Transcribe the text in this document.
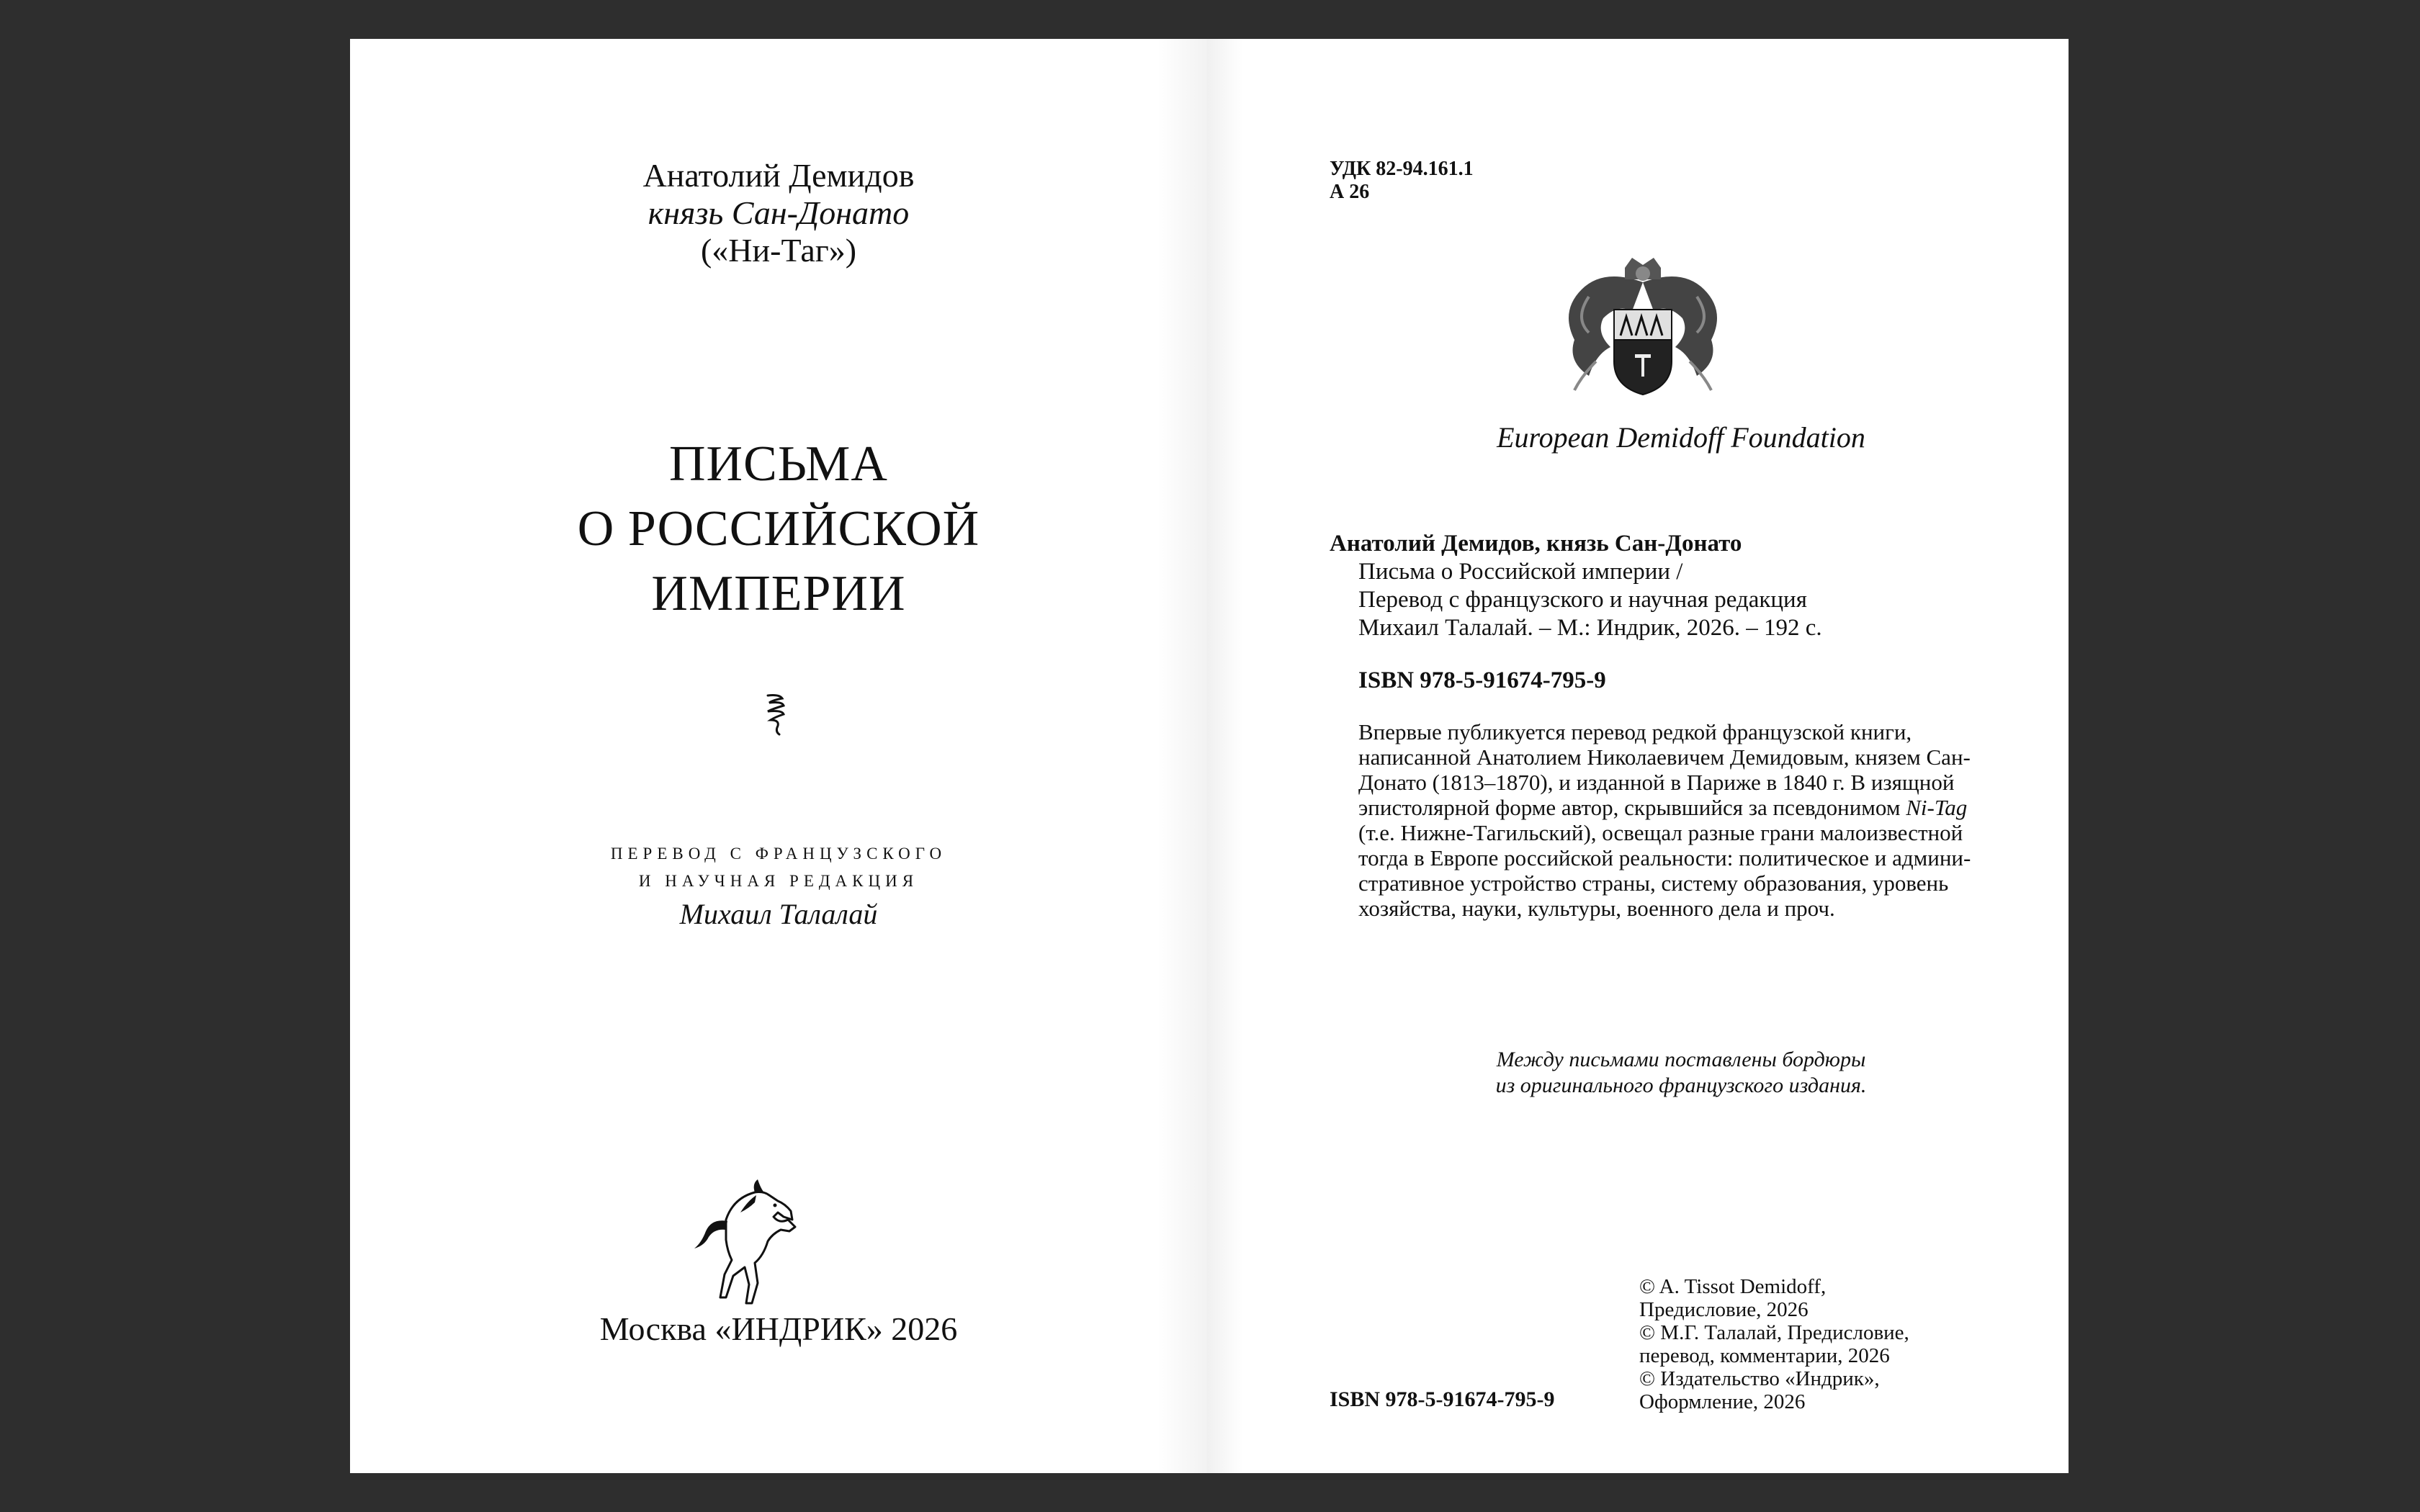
Анатолий Демидов
князь Сан-Донато
(«Ни-Таг»)
ПИСЬМА
О РОССИЙСКОЙ
ИМПЕРИИ
ПЕРЕВОД С ФРАНЦУЗСКОГО
И НАУЧНАЯ РЕДАКЦИЯ
Михаил Талалай
Москва «ИНДРИК» 2026
УДК 82-94.161.1
А 26
European Demidoff Foundation
Анатолий Демидов, князь Сан-Донато
Письма о Российской империи /
Перевод с французского и научная редакция
Михаил Талалай. – М.: Индрик, 2026. – 192 с.
ISBN 978-5-91674-795-9
Впервые публикуется перевод редкой французской книги,
написанной Анатолием Николаевичем Демидовым, князем Сан-
Донато (1813–1870), и изданной в Париже в 1840 г. В изящной
эпистолярной форме автор, скрывшийся за псевдонимом Ni-Tag
(т.е. Нижне-Тагильский), освещал разные грани малоизвестной
тогда в Европе российской реальности: политическое и админи-
стративное устройство страны, систему образования, уровень
хозяйства, науки, культуры, военного дела и проч.
Между письмами поставлены бордюры
из оригинального французского издания.
© A. Tissot Demidoff,
Предисловие, 2026
© М.Г. Талалай, Предисловие,
перевод, комментарии, 2026
© Издательство «Индрик»,
Оформление, 2026
ISBN 978-5-91674-795-9
